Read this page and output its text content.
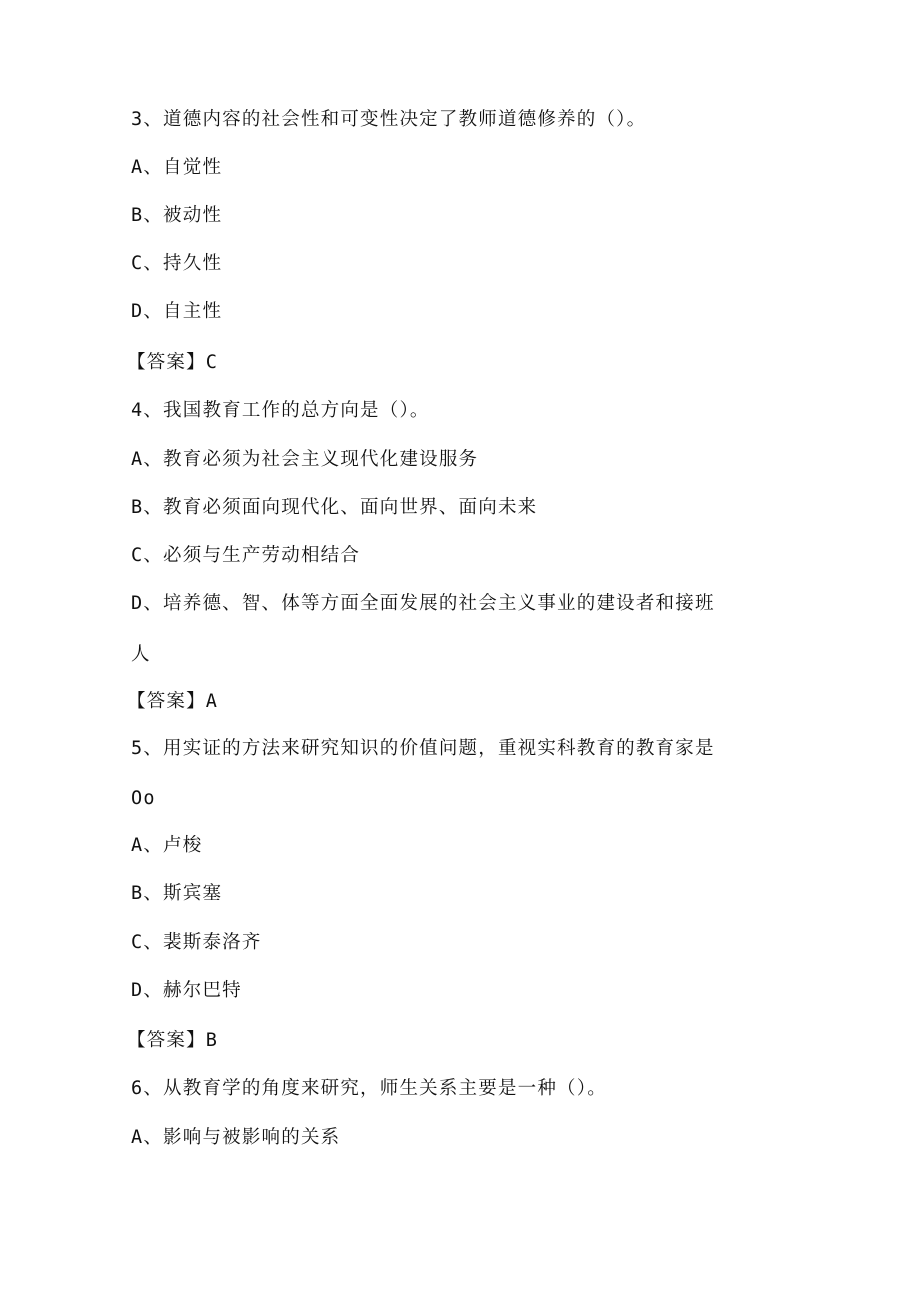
3、道德内容的社会性和可变性决定了教师道德修养的（）。
A、自觉性
B、被动性
C、持久性
D、自主性
【答案】C
4、我国教育工作的总方向是（）。
A、教育必须为社会主义现代化建设服务
B、教育必须面向现代化、面向世界、面向未来
C、必须与生产劳动相结合
D、培养德、智、体等方面全面发展的社会主义事业的建设者和接班
人
【答案】A
5、用实证的方法来研究知识的价值问题，重视实科教育的教育家是
Oo
A、卢梭
B、斯宾塞
C、裴斯泰洛齐
D、赫尔巴特
【答案】B
6、从教育学的角度来研究，师生关系主要是一种（）。
A、影响与被影响的关系
